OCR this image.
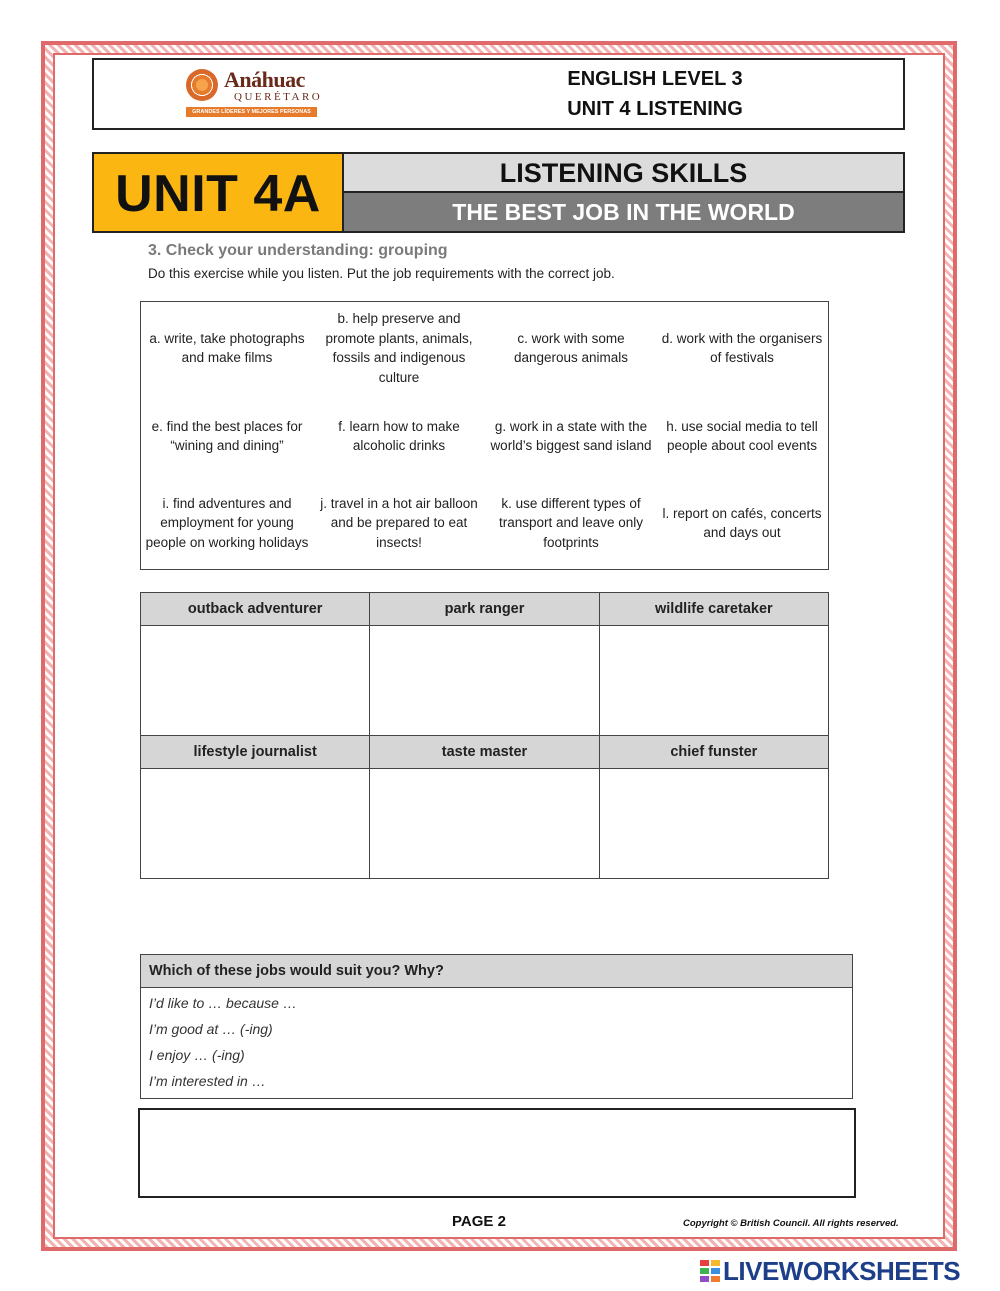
Anáhuac
QUERÉTARO
GRANDES LÍDERES Y MEJORES PERSONAS
ENGLISH LEVEL 3
UNIT 4 LISTENING
UNIT 4A	LISTENING SKILLS
THE BEST JOB IN THE WORLD
3. Check your understanding: grouping
Do this exercise while you listen. Put the job requirements with the correct job.
a. write, take photographs and make films
b. help preserve and promote plants, animals, fossils and indigenous culture
c. work with some dangerous animals
d. work with the organisers of festivals
e. find the best places for “wining and dining”
f. learn how to make alcoholic drinks
g. work in a state with the world’s biggest sand island
h. use social media to tell people about cool events
i. find adventures and employment for young people on working holidays
j. travel in a hot air balloon and be prepared to eat insects!
k. use different types of transport and leave only footprints
l. report on cafés, concerts and days out
outback adventurer	park ranger	wildlife caretaker

lifestyle journalist	taste master	chief funster

Which of these jobs would suit you? Why?
I’d like to … because …
I’m good at … (-ing)
I enjoy … (-ing)
I’m interested in …
PAGE 2	Copyright © British Council. All rights reserved.
LIVEWORKSHEETS
